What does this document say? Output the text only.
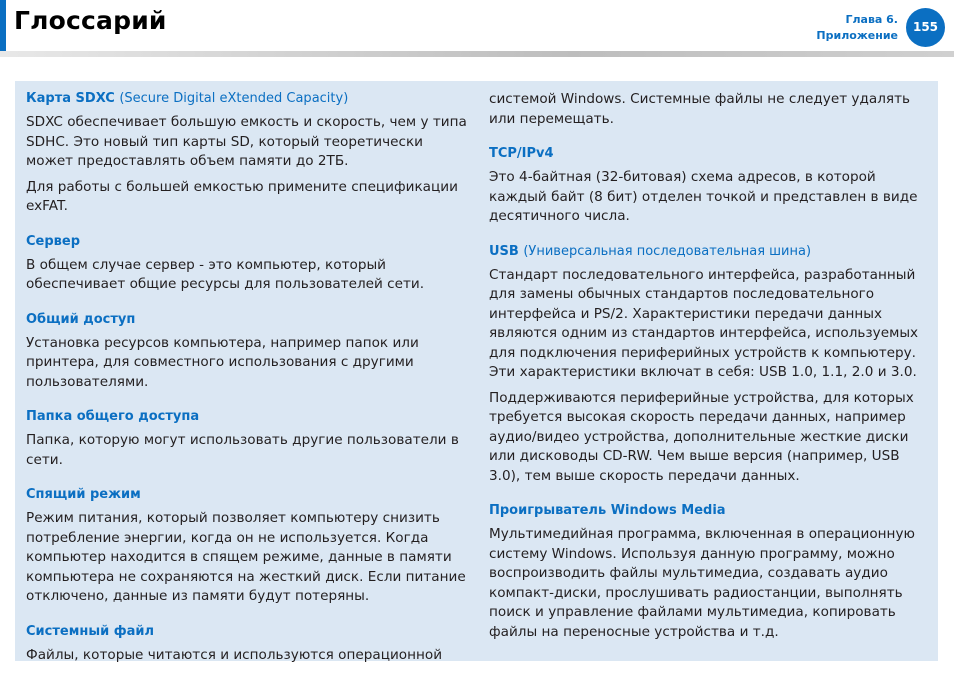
Глоссарий	Глава 6.
Приложение
155
Карта SDXC (Secure Digital eXtended Capacity)
SDXC обеспечивает большую емкость и скорость, чем у типа SDHC. Это новый тип карты SD, который теоретически может предоставлять объем памяти до 2ТБ.
Для работы с большей емкостью примените спецификации exFAT.
Сервер
В общем случае сервер - это компьютер, который обеспечивает общие ресурсы для пользователей сети.
Общий доступ
Установка ресурсов компьютера, например папок или принтера, для совместного использования с другими пользователями.
Папка общего доступа
Папка, которую могут использовать другие пользователи в сети.
Спящий режим
Режим питания, который позволяет компьютеру снизить потребление энергии, когда он не используется. Когда компьютер находится в спящем режиме, данные в памяти компьютера не сохраняются на жесткий диск. Если питание отключено, данные из памяти будут потеряны.
Системный файл
Файлы, которые читаются и используются операционной
системой Windows. Системные файлы не следует удалять или перемещать.
TCP/IPv4
Это 4-байтная (32-битовая) схема адресов, в которой каждый байт (8 бит) отделен точкой и представлен в виде десятичного числа.
USB (Универсальная последовательная шина)
Стандарт последовательного интерфейса, разработанный для замены обычных стандартов последовательного интерфейса и PS/2. Характеристики передачи данных являются одним из стандартов интерфейса, используемых для подключения периферийных устройств к компьютеру. Эти характеристики включат в себя: USB 1.0, 1.1, 2.0 и 3.0.
Поддерживаются периферийные устройства, для которых требуется высокая скорость передачи данных, например аудио/видео устройства, дополнительные жесткие диски или дисководы CD-RW. Чем выше версия (например, USB 3.0), тем выше скорость передачи данных.
Проигрыватель Windows Media
Мультимедийная программа, включенная в операционную систему Windows. Используя данную программу, можно воспроизводить файлы мультимедиа, создавать аудио компакт-диски, прослушивать радиостанции, выполнять поиск и управление файлами мультимедиа, копировать файлы на переносные устройства и т.д.
